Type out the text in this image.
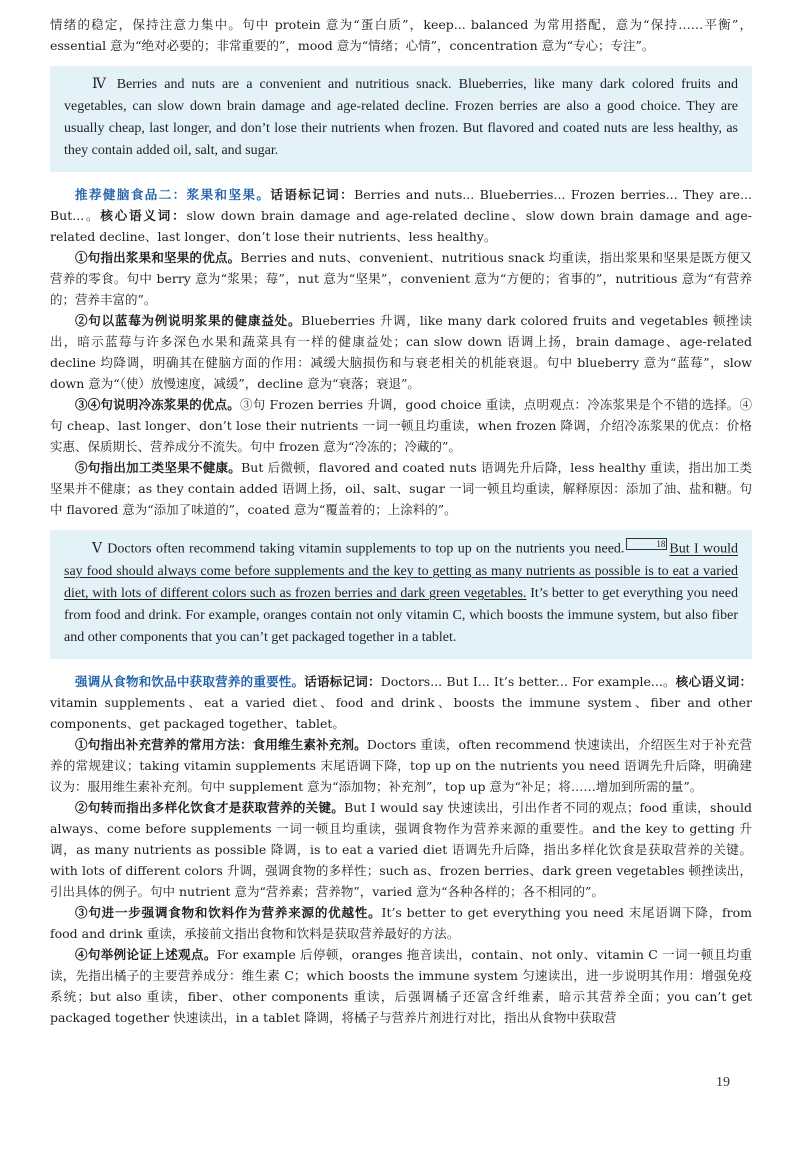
情绪的稳定，保持注意力集中。句中 protein 意为“蛋白质”，keep... balanced 为常用搭配，意为“保持……平衡”，essential 意为“绝对必要的；非常重要的”，mood 意为“情绪；心情”，concentration 意为“专心；专注”。

Ⅳ Berries and nuts are a convenient and nutritious snack. Blueberries, like many dark colored fruits and vegetables, can slow down brain damage and age-related decline. Frozen berries are also a good choice. They are usually cheap, last longer, and don’t lose their nutrients when frozen. But flavored and coated nuts are less healthy, as they contain added oil, salt, and sugar.

推荐健脑食品二：浆果和坚果。话语标记词：Berries and nuts... Blueberries... Frozen berries... They are... But...。核心语义词：slow down brain damage and age-related decline、slow down brain damage and age-related decline、last longer、don’t lose their nutrients、less healthy。

①句指出浆果和坚果的优点。Berries and nuts、convenient、nutritious snack 均重读，指出浆果和坚果是既方便又营养的零食。句中 berry 意为“浆果；莓”，nut 意为“坚果”，convenient 意为“方便的；省事的”，nutritious 意为“有营养的；营养丰富的”。

②句以蓝莓为例说明浆果的健康益处。Blueberries 升调，like many dark colored fruits and vegetables 顿挫读出，暗示蓝莓与许多深色水果和蔬菜具有一样的健康益处；can slow down 语调上扬，brain damage、age-related decline 均降调，明确其在健脑方面的作用：减缓大脑损伤和与衰老相关的机能衰退。句中 blueberry 意为“蓝莓”，slow down 意为“（使）放慢速度，减缓”，decline 意为“衰落；衰退”。

③④句说明冷冻浆果的优点。③句 Frozen berries 升调，good choice 重读，点明观点：冷冻浆果是个不错的选择。④句 cheap、last longer、don’t lose their nutrients 一词一顿且均重读，when frozen 降调，介绍冷冻浆果的优点：价格实惠、保质期长、营养成分不流失。句中 frozen 意为“冷冻的；冷藏的”。

⑤句指出加工类坚果不健康。But 后微顿，flavored and coated nuts 语调先升后降，less healthy 重读，指出加工类坚果并不健康；as they contain added 语调上扬，oil、salt、sugar 一词一顿且均重读，解释原因：添加了油、盐和糖。句中 flavored 意为“添加了味道的”，coated 意为“覆盖着的；上涂料的”。

Ⅴ Doctors often recommend taking vitamin supplements to top up on the nutrients you need.	18 But I would say food should always come before supplements and the key to getting as many nutrients as possible is to eat a varied diet, with lots of different colors such as frozen berries and dark green vegetables. It’s better to get everything you need from food and drink. For example, oranges contain not only vitamin C, which boosts the immune system, but also fiber and other components that you can’t get packaged together in a tablet.

强调从食物和饮品中获取营养的重要性。话语标记词：Doctors... But I... It’s better... For example...。核心语义词：vitamin supplements、eat a varied diet、food and drink、boosts the immune system、fiber and other components、get packaged together、tablet。

①句指出补充营养的常用方法：食用维生素补充剂。Doctors 重读，often recommend 快速读出，介绍医生对于补充营养的常规建议；taking vitamin supplements 末尾语调下降，top up on the nutrients you need 语调先升后降，明确建议为：服用维生素补充剂。句中 supplement 意为“添加物；补充剂”，top up 意为“补足；将……增加到所需的量”。

②句转而指出多样化饮食才是获取营养的关键。But I would say 快速读出，引出作者不同的观点；food 重读，should always、come before supplements 一词一顿且均重读，强调食物作为营养来源的重要性。and the key to getting 升调，as many nutrients as possible 降调，is to eat a varied diet 语调先升后降，指出多样化饮食是获取营养的关键。with lots of different colors 升调，强调食物的多样性；such as、frozen berries、dark green vegetables 顿挫读出，引出具体的例子。句中 nutrient 意为“营养素；营养物”，varied 意为“各种各样的；各不相同的”。

③句进一步强调食物和饮料作为营养来源的优越性。It’s better to get everything you need 末尾语调下降，from food and drink 重读，承接前文指出食物和饮料是获取营养最好的方法。

④句举例论证上述观点。For example 后停顿，oranges 拖音读出，contain、not only、vitamin C 一词一顿且均重读，先指出橘子的主要营养成分：维生素 C；which boosts the immune system 匀速读出，进一步说明其作用：增强免疫系统；but also 重读，fiber、other components 重读，后强调橘子还富含纤维素，暗示其营养全面；you can’t get packaged together 快速读出，in a tablet 降调，将橘子与营养片剂进行对比，指出从食物中获取营

19
